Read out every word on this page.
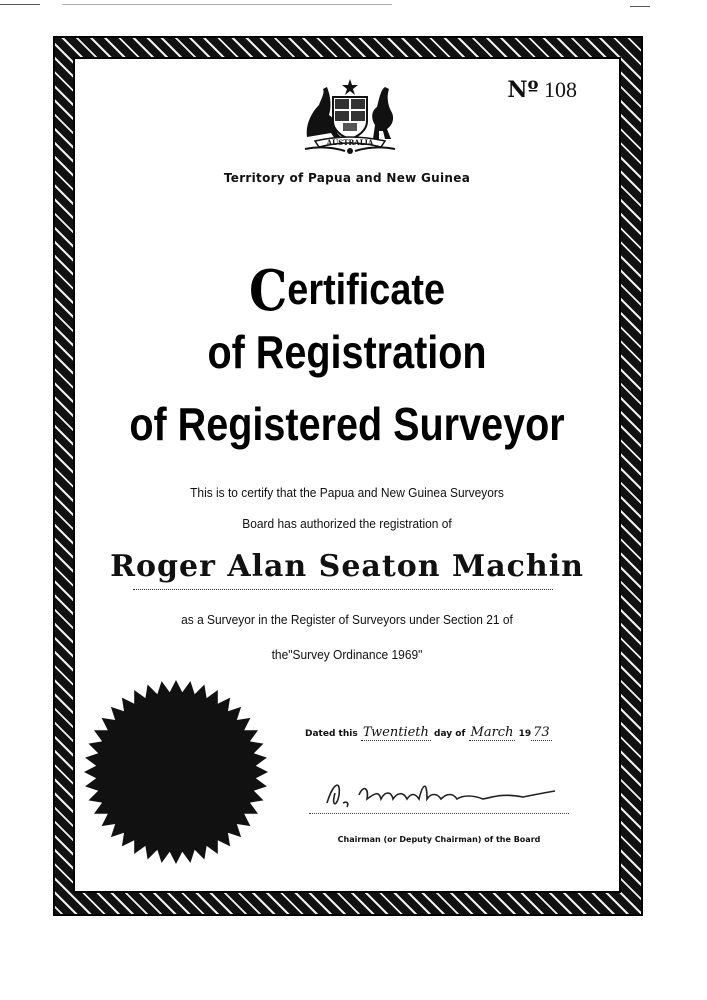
Nº 108
AUSTRALIA
Territory of Papua and New Guinea
Certificate
of Registration
of Registered Surveyor
This is to certify that the Papua and New Guinea Surveyors
Board has authorized the registration of
Roger Alan Seaton Machin
as a Surveyor in the Register of Surveyors under Section 21 of
the"Survey Ordinance 1969"
Dated this Twentieth day of March 19 73
Chairman (or Deputy Chairman) of the Board
